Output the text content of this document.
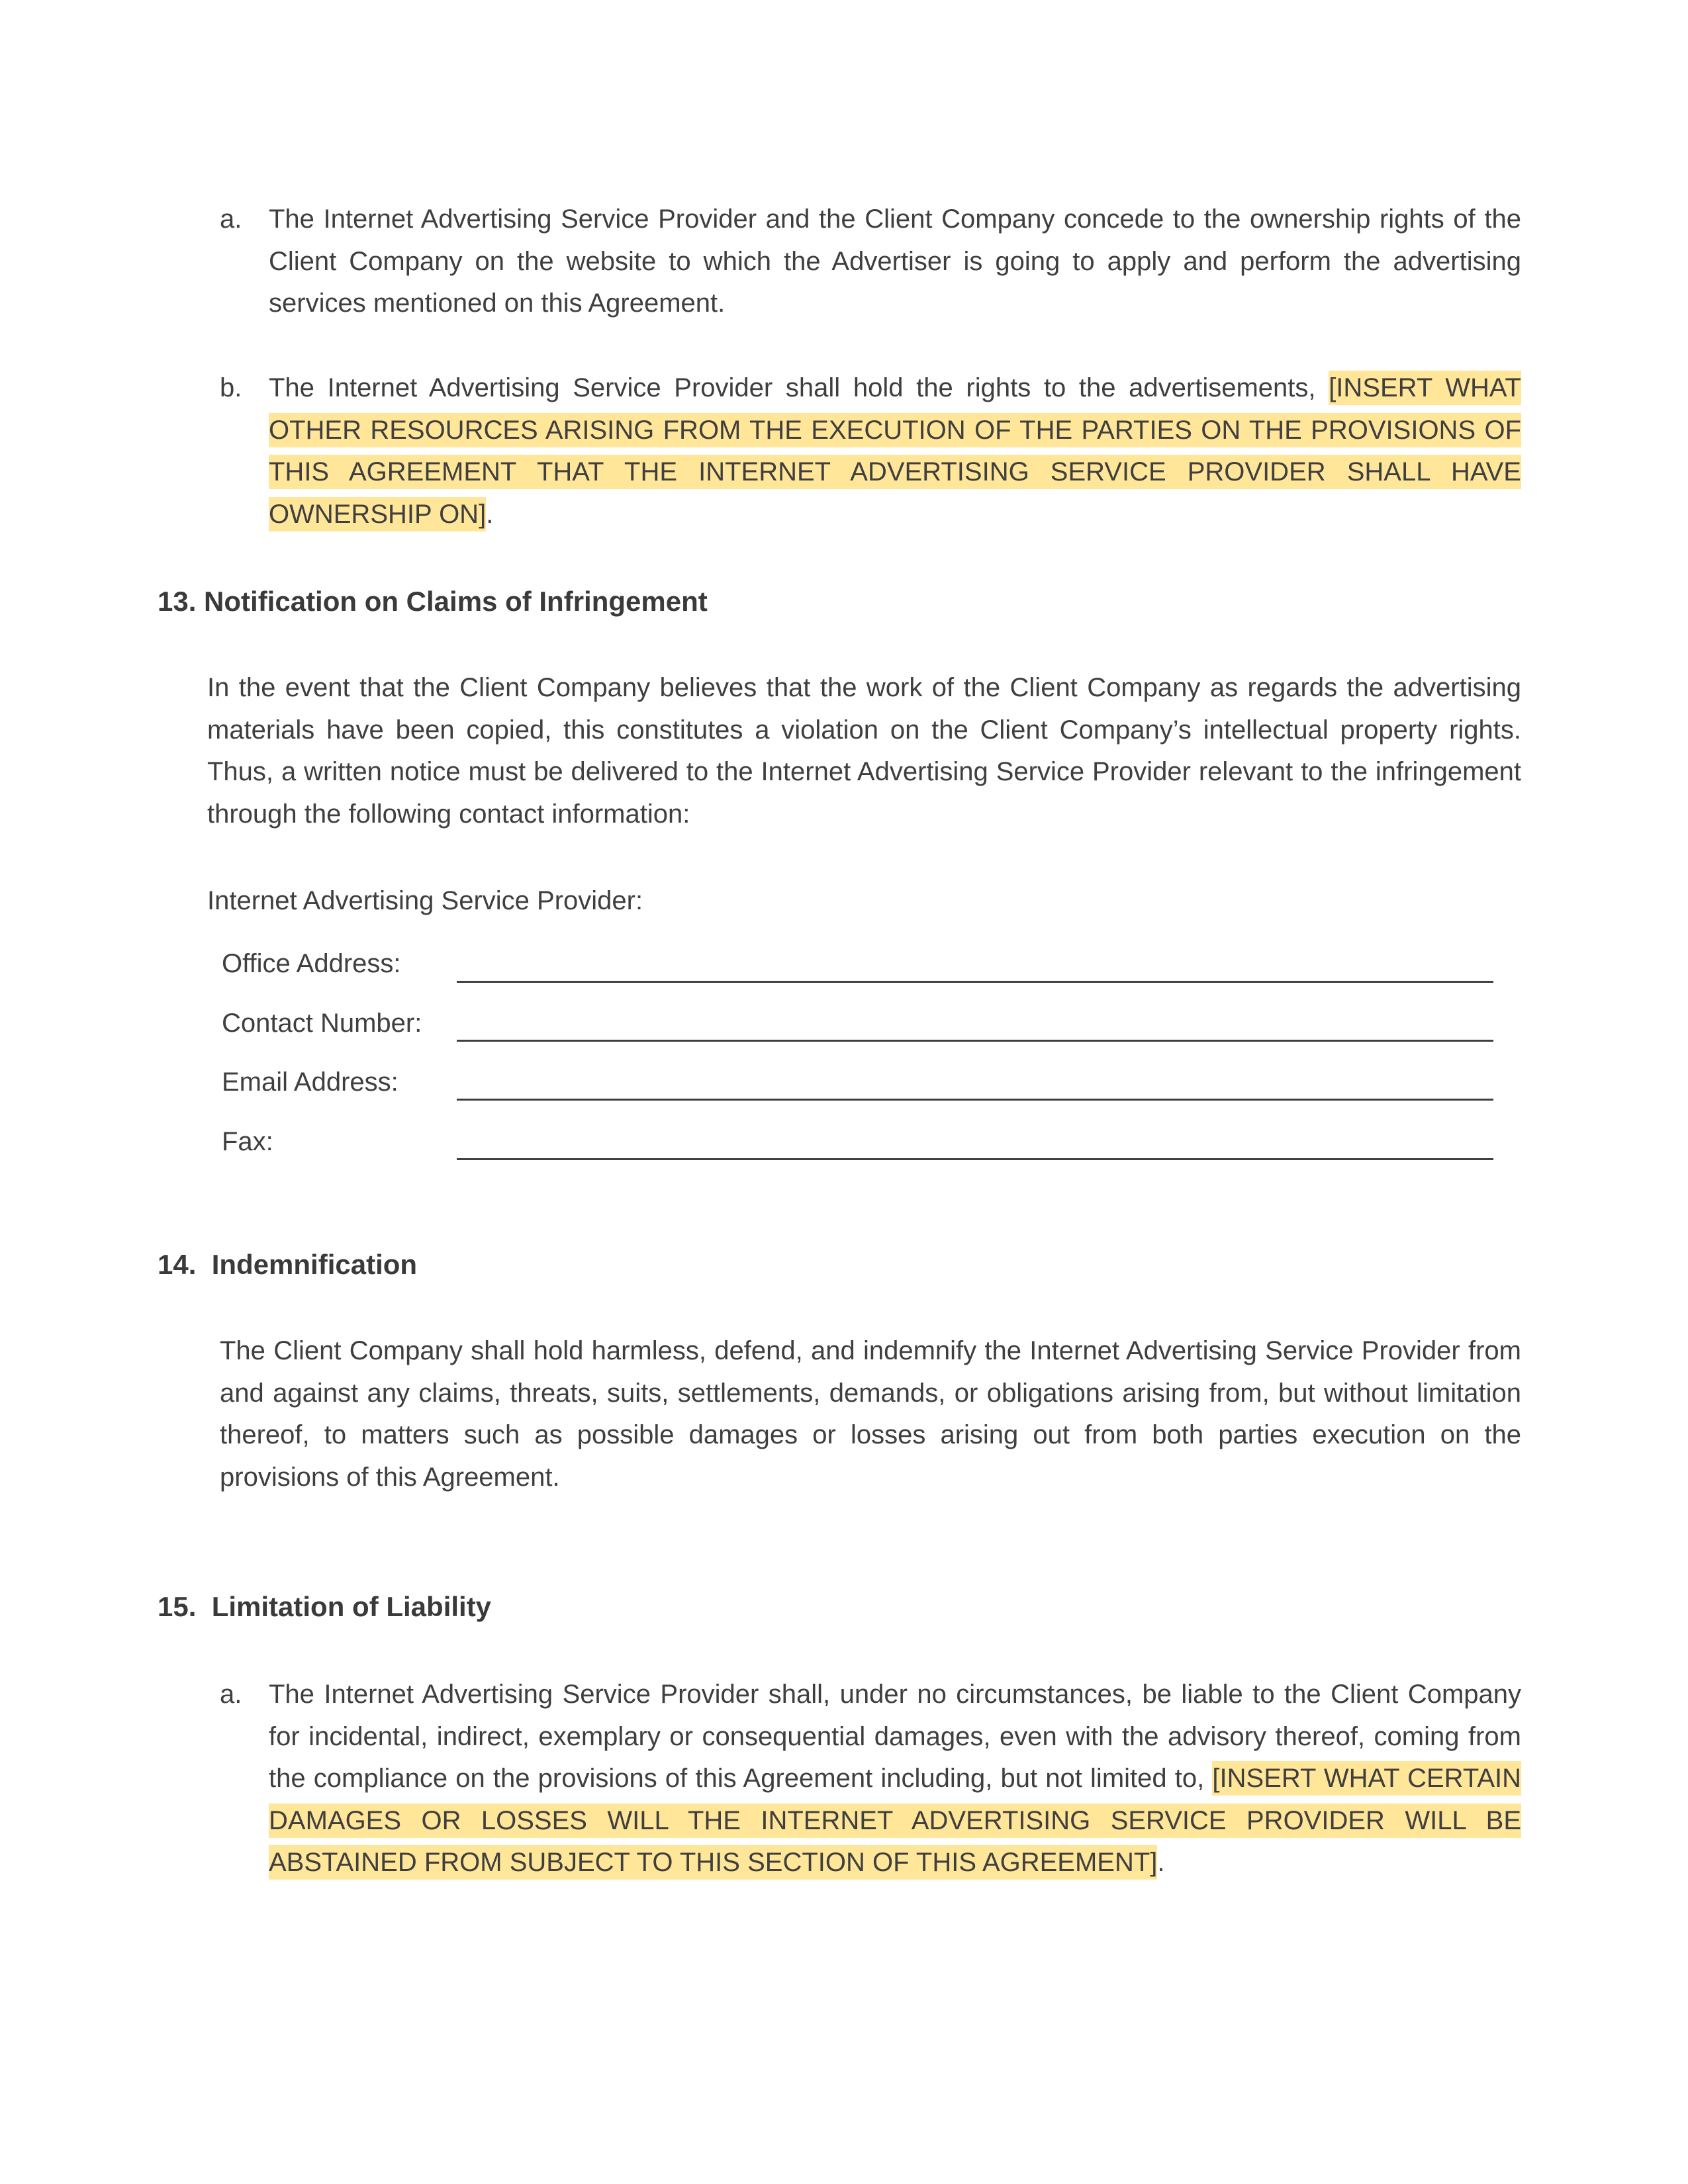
a. The Internet Advertising Service Provider and the Client Company concede to the ownership rights of the Client Company on the website to which the Advertiser is going to apply and perform the advertising services mentioned on this Agreement.

b. The Internet Advertising Service Provider shall hold the rights to the advertisements, [INSERT WHAT OTHER RESOURCES ARISING FROM THE EXECUTION OF THE PARTIES ON THE PROVISIONS OF THIS AGREEMENT THAT THE INTERNET ADVERTISING SERVICE PROVIDER SHALL HAVE OWNERSHIP ON].

13. Notification on Claims of Infringement

In the event that the Client Company believes that the work of the Client Company as regards the advertising materials have been copied, this constitutes a violation on the Client Company’s intellectual property rights. Thus, a written notice must be delivered to the Internet Advertising Service Provider relevant to the infringement through the following contact information:

Internet Advertising Service Provider:

Office Address:

Contact Number:

Email Address:

Fax:

14.  Indemnification

The Client Company shall hold harmless, defend, and indemnify the Internet Advertising Service Provider from and against any claims, threats, suits, settlements, demands, or obligations arising from, but without limitation thereof, to matters such as possible damages or losses arising out from both parties execution on the provisions of this Agreement.

15.  Limitation of Liability

a. The Internet Advertising Service Provider shall, under no circumstances, be liable to the Client Company for incidental, indirect, exemplary or consequential damages, even with the advisory thereof, coming from the compliance on the provisions of this Agreement including, but not limited to, [INSERT WHAT CERTAIN DAMAGES OR LOSSES WILL THE INTERNET ADVERTISING SERVICE PROVIDER WILL BE ABSTAINED FROM SUBJECT TO THIS SECTION OF THIS AGREEMENT].
